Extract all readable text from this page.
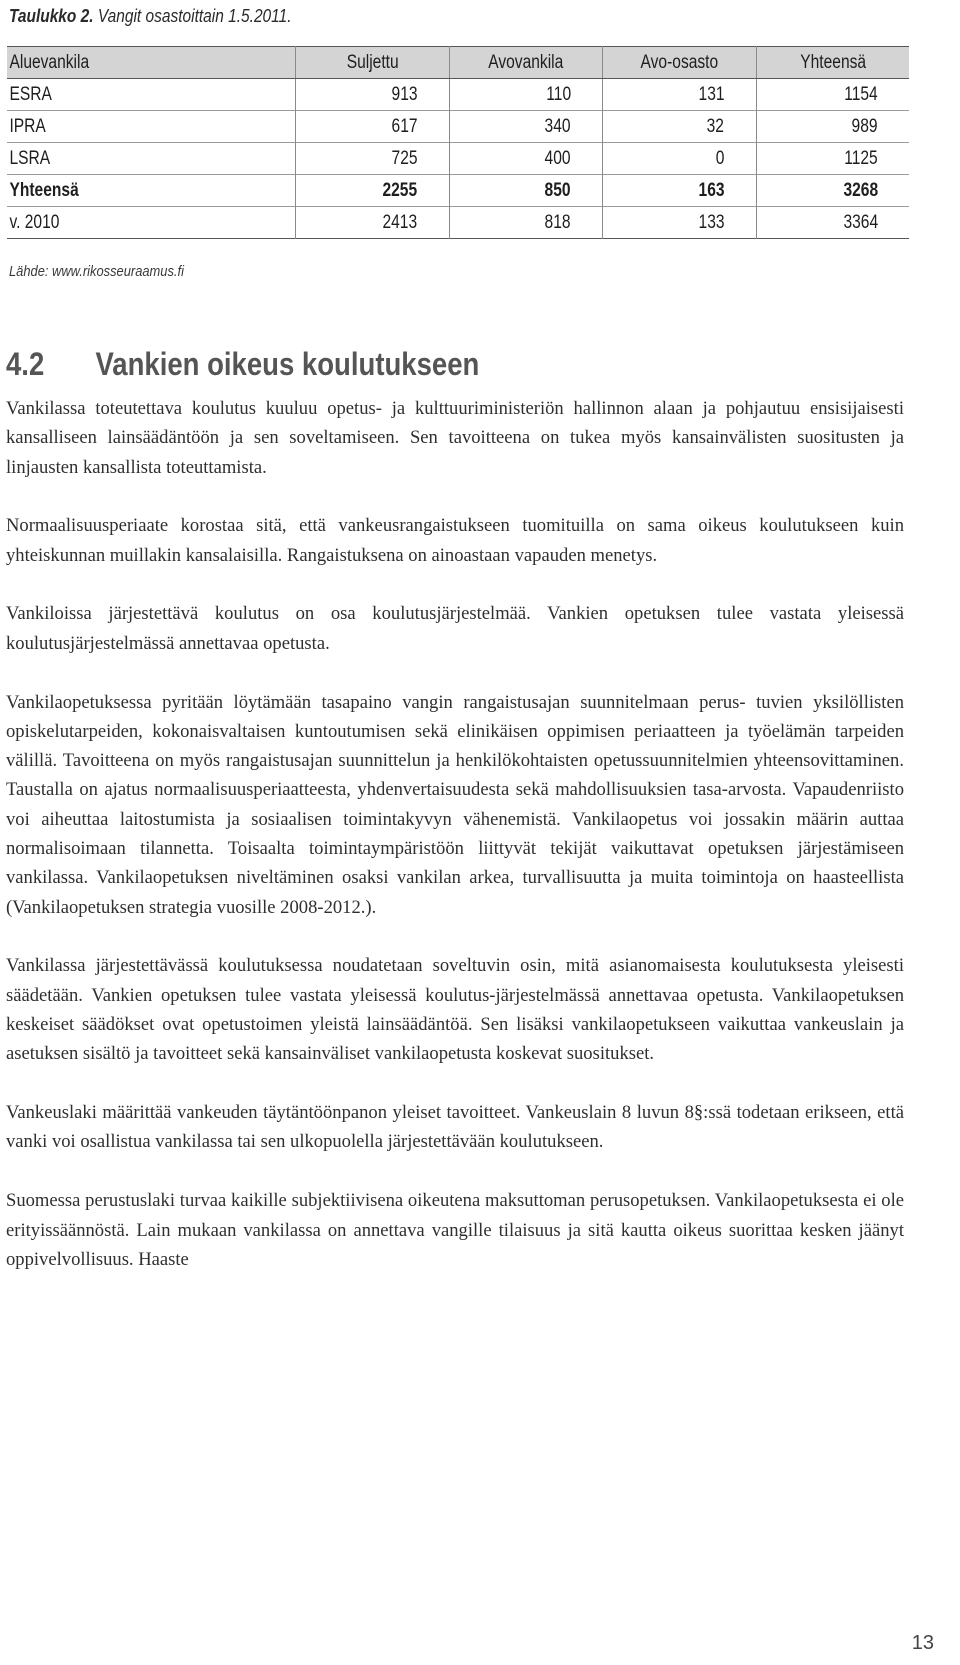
Taulukko 2. Vangit osastoittain 1.5.2011.
Aluevankila	Suljettu	Avovankila	Avo-osasto	Yhteensä
ESRA	913	110	131	1154
IPRA	617	340	32	989
LSRA	725	400	0	1125
Yhteensä	2255	850	163	3268
v. 2010	2413	818	133	3364
Lähde: www.rikosseuraamus.fi
4.2 Vankien oikeus koulutukseen

Vankilassa toteutettava koulutus kuuluu opetus- ja kulttuuriministeriön hallinnon alaan ja pohjautuu ensisijaisesti kansalliseen lainsäädäntöön ja sen soveltamiseen. Sen tavoitteena on tukea myös kansainvälisten suositusten ja linjausten kansallista toteuttamista.

Normaalisuusperiaate korostaa sitä, että vankeusrangaistukseen tuomituilla on sama oikeus koulutukseen kuin yhteiskunnan muillakin kansalaisilla. Rangaistuksena on ainoastaan vapauden menetys.

Vankiloissa järjestettävä koulutus on osa koulutusjärjestelmää. Vankien opetuksen tulee vastata yleisessä koulutusjärjestelmässä annettavaa opetusta.

Vankilaopetuksessa pyritään löytämään tasapaino vangin rangaistusajan suunnitelmaan perus- tuvien yksilöllisten opiskelutarpeiden, kokonaisvaltaisen kuntoutumisen sekä elinikäisen oppimisen periaatteen ja työelämän tarpeiden välillä. Tavoitteena on myös rangaistusajan suunnittelun ja henkilökohtaisten opetussuunnitelmien yhteensovittaminen. Taustalla on ajatus normaalisuusperiaatteesta, yhdenvertaisuudesta sekä mahdollisuuksien tasa-arvosta. Vapaudenriisto voi aiheuttaa laitostumista ja sosiaalisen toimintakyvyn vähenemistä. Vankilaopetus voi jossakin määrin auttaa normalisoimaan tilannetta. Toisaalta toimintaympäristöön liittyvät tekijät vaikuttavat opetuksen järjestämiseen vankilassa. Vankilaopetuksen niveltäminen osaksi vankilan arkea, turvallisuutta ja muita toimintoja on haasteellista (Vankilaopetuksen strategia vuosille 2008-2012.).

Vankilassa järjestettävässä koulutuksessa noudatetaan soveltuvin osin, mitä asianomaisesta koulutuksesta yleisesti säädetään. Vankien opetuksen tulee vastata yleisessä koulutus-järjestelmässä annettavaa opetusta. Vankilaopetuksen keskeiset säädökset ovat opetustoimen yleistä lainsäädäntöä. Sen lisäksi vankilaopetukseen vaikuttaa vankeuslain ja asetuksen sisältö ja tavoitteet sekä kansainväliset vankilaopetusta koskevat suositukset.

Vankeuslaki määrittää vankeuden täytäntöönpanon yleiset tavoitteet. Vankeuslain 8 luvun 8§:ssä todetaan erikseen, että vanki voi osallistua vankilassa tai sen ulkopuolella järjestettävään koulutukseen.

Suomessa perustuslaki turvaa kaikille subjektiivisena oikeutena maksuttoman perusopetuksen. Vankilaopetuksesta ei ole erityissäännöstä. Lain mukaan vankilassa on annettava vangille tilaisuus ja sitä kautta oikeus suorittaa kesken jäänyt oppivelvollisuus. Haaste

13
